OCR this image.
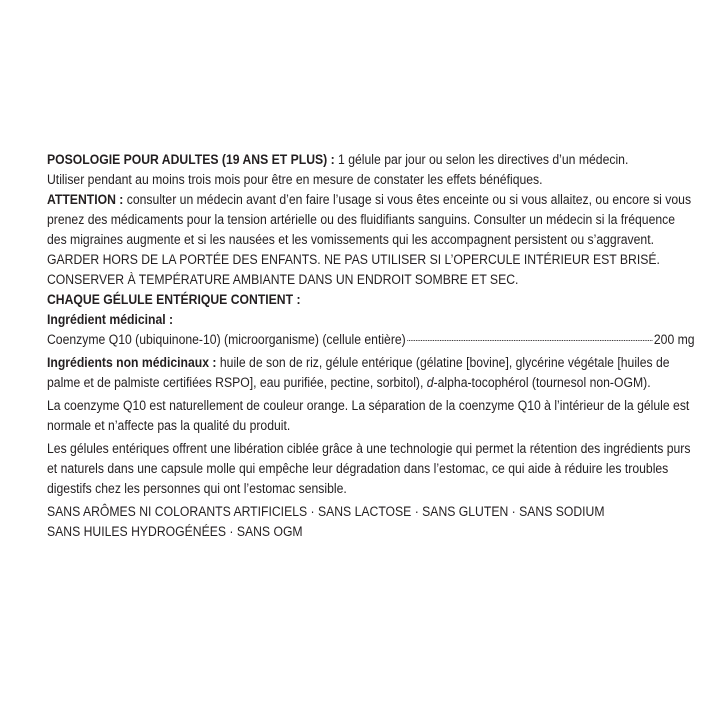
POSOLOGIE POUR ADULTES (19 ANS ET PLUS) : 1 gélule par jour ou selon les directives d’un médecin.

Utiliser pendant au moins trois mois pour être en mesure de constater les effets bénéfiques.

ATTENTION : consulter un médecin avant d’en faire l’usage si vous êtes enceinte ou si vous allaitez, ou encore si vous prenez des médicaments pour la tension artérielle ou des fluidifiants sanguins. Consulter un médecin si la fréquence des migraines augmente et si les nausées et les vomissements qui les accompagnent persistent ou s’aggravent.

GARDER HORS DE LA PORTÉE DES ENFANTS. NE PAS UTILISER SI L’OPERCULE INTÉRIEUR EST BRISÉ.

CONSERVER À TEMPÉRATURE AMBIANTE DANS UN ENDROIT SOMBRE ET SEC.

CHAQUE GÉLULE ENTÉRIQUE CONTIENT :

Ingrédient médicinal :

Coenzyme Q10 (ubiquinone-10) (microorganisme) (cellule entière)	200 mg

Ingrédients non médicinaux : huile de son de riz, gélule entérique (gélatine [bovine], glycérine végétale [huiles de palme et de palmiste certifiées RSPO], eau purifiée, pectine, sorbitol), d-alpha-tocophérol (tournesol non-OGM).

La coenzyme Q10 est naturellement de couleur orange. La séparation de la coenzyme Q10 à l’intérieur de la gélule est normale et n’affecte pas la qualité du produit.

Les gélules entériques offrent une libération ciblée grâce à une technologie qui permet la rétention des ingrédients purs et naturels dans une capsule molle qui empêche leur dégradation dans l’estomac, ce qui aide à réduire les troubles digestifs chez les personnes qui ont l’estomac sensible.

SANS ARÔMES NI COLORANTS ARTIFICIELS · SANS LACTOSE · SANS GLUTEN · SANS SODIUM

SANS HUILES HYDROGÉNÉES · SANS OGM
